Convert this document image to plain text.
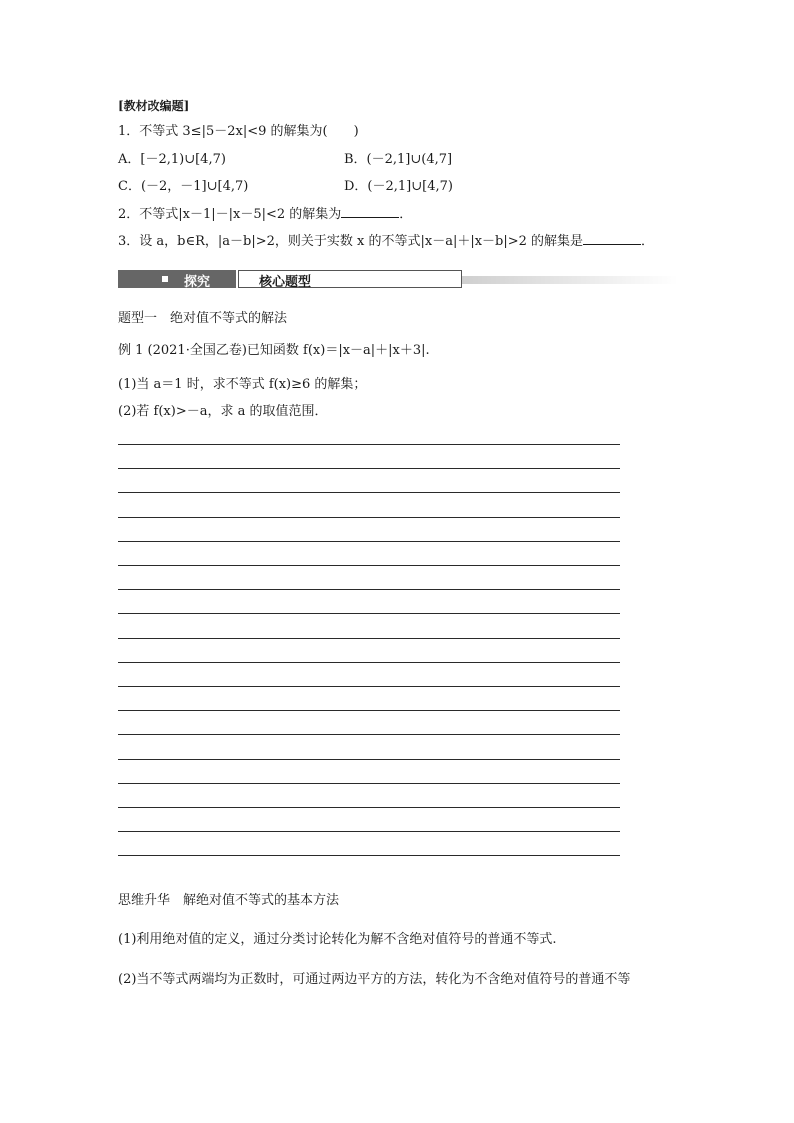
[教材改编题]
1．不等式 3≤|5－2x|<9 的解集为(　　)
A．[－2,1)∪[4,7)	B．(－2,1]∪(4,7]
C．(－2，－1]∪[4,7)	D．(－2,1]∪[4,7)
2．不等式|x－1|－|x－5|<2 的解集为	．
3．设 a，b∈R，|a－b|>2，则关于实数 x 的不等式|x－a|＋|x－b|>2 的解集是	．
探究	核心题型
题型一　绝对值不等式的解法
例 1 (2021·全国乙卷)已知函数 f(x)＝|x－a|＋|x＋3|.
(1)当 a＝1 时，求不等式 f(x)≥6 的解集；
(2)若 f(x)>－a，求 a 的取值范围．
思维升华　解绝对值不等式的基本方法
(1)利用绝对值的定义，通过分类讨论转化为解不含绝对值符号的普通不等式.
(2)当不等式两端均为正数时，可通过两边平方的方法，转化为不含绝对值符号的普通不等
